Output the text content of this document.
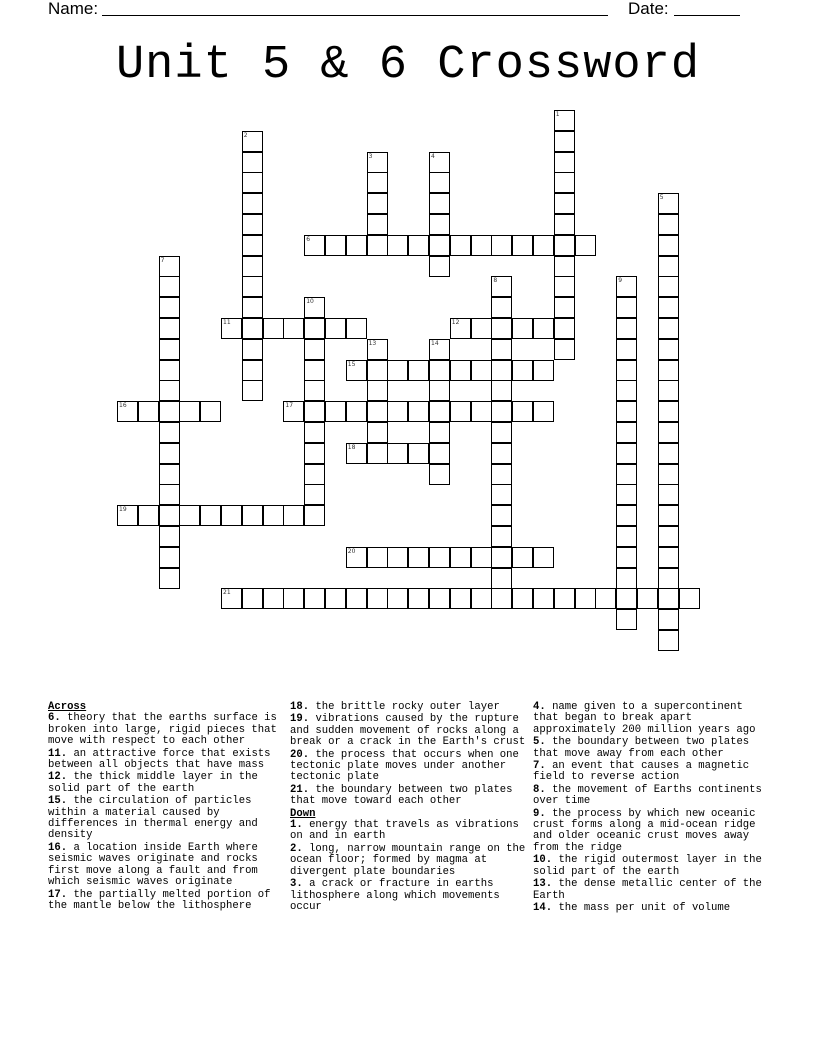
Name:	Date:
Unit 5 & 6 Crossword
1
2
3	4
5
6
7
8	9
10
11	12
13	14
15
16	17
18
19
20
21
Across
6. theory that the earths surface is broken into large, rigid pieces that move with respect to each other
11. an attractive force that exists between all objects that have mass
12. the thick middle layer in the solid part of the earth
15. the circulation of particles within a material caused by differences in thermal energy and density
16. a location inside Earth where seismic waves originate and rocks first move along a fault and from which seismic waves originate
17. the partially melted portion of the mantle below the lithosphere
18. the brittle rocky outer layer
19. vibrations caused by the rupture and sudden movement of rocks along a break or a crack in the Earth's crust
20. the process that occurs when one tectonic plate moves under another tectonic plate
21. the boundary between two plates that move toward each other
Down
1. energy that travels as vibrations on and in earth
2. long, narrow mountain range on the ocean floor; formed by magma at divergent plate boundaries
3. a crack or fracture in earths lithosphere along which movements occur
4. name given to a supercontinent that began to break apart approximately 200 million years ago
5. the boundary between two plates that move away from each other
7. an event that causes a magnetic field to reverse action
8. the movement of Earths continents over time
9. the process by which new oceanic crust forms along a mid-ocean ridge and older oceanic crust moves away from the ridge
10. the rigid outermost layer in the solid part of the earth
13. the dense metallic center of the Earth
14. the mass per unit of volume
